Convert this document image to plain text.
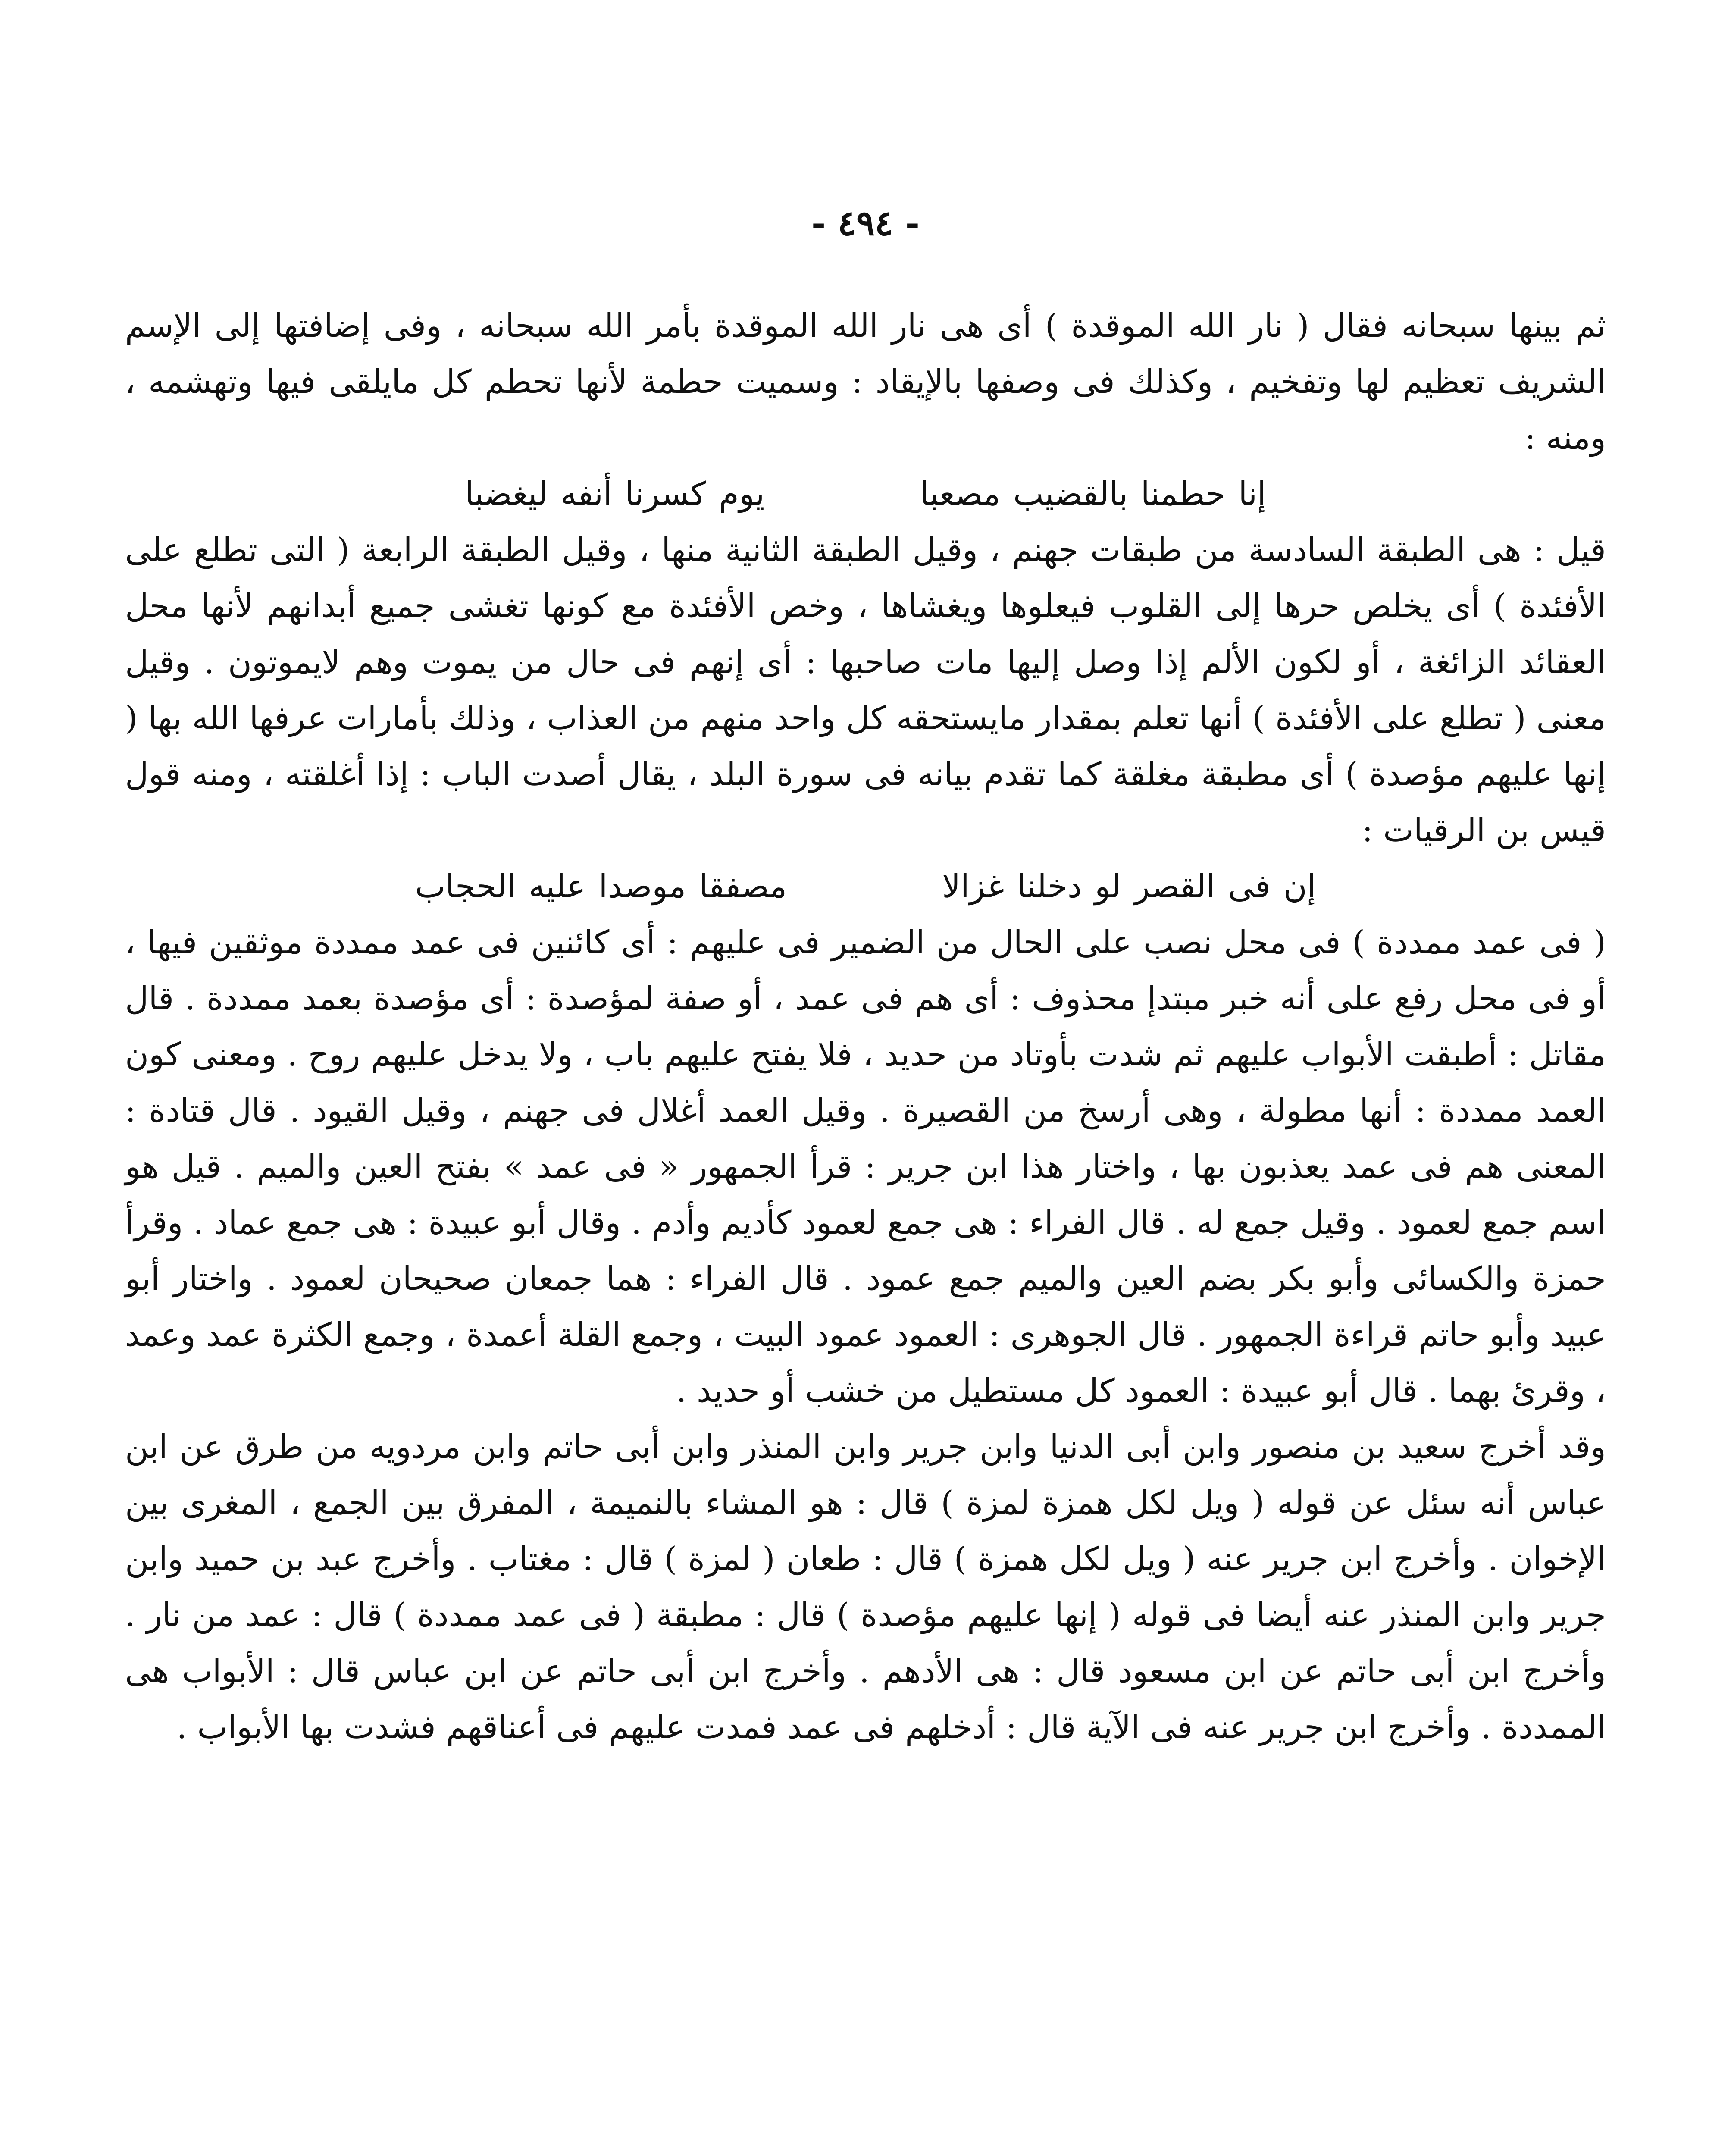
- ٤٩٤ -

ثم بينها سبحانه فقال ( نار الله الموقدة ) أى هى نار الله الموقدة بأمر الله سبحانه ، وفى إضافتها إلى الإسم الشريف تعظيم لها وتفخيم ، وكذلك فى وصفها بالإيقاد : وسميت حطمة لأنها تحطم كل مايلقى فيها وتهشمه ، ومنه :

إنا حطمنا بالقضيب مصعبايوم كسرنا أنفه ليغضبا

قيل : هى الطبقة السادسة من طبقات جهنم ، وقيل الطبقة الثانية منها ، وقيل الطبقة الرابعة ( التى تطلع على الأفئدة ) أى يخلص حرها إلى القلوب فيعلوها ويغشاها ، وخص الأفئدة مع كونها تغشى جميع أبدانهم لأنها محل العقائد الزائغة ، أو لكون الألم إذا وصل إليها مات صاحبها : أى إنهم فى حال من يموت وهم لايموتون . وقيل معنى ( تطلع على الأفئدة ) أنها تعلم بمقدار مايستحقه كل واحد منهم من العذاب ، وذلك بأمارات عرفها الله بها ( إنها عليهم مؤصدة ) أى مطبقة مغلقة كما تقدم بيانه فى سورة البلد ، يقال أصدت الباب : إذا أغلقته ، ومنه قول قيس بن الرقيات :

إن فى القصر لو دخلنا غزالامصفقا موصدا عليه الحجاب

( فى عمد ممددة ) فى محل نصب على الحال من الضمير فى عليهم : أى كائنين فى عمد ممددة موثقين فيها ، أو فى محل رفع على أنه خبر مبتدإ محذوف : أى هم فى عمد ، أو صفة لمؤصدة : أى مؤصدة بعمد ممددة . قال مقاتل : أطبقت الأبواب عليهم ثم شدت بأوتاد من حديد ، فلا يفتح عليهم باب ، ولا يدخل عليهم روح . ومعنى كون العمد ممددة : أنها مطولة ، وهى أرسخ من القصيرة . وقيل العمد أغلال فى جهنم ، وقيل القيود . قال قتادة : المعنى هم فى عمد يعذبون بها ، واختار هذا ابن جرير : قرأ الجمهور « فى عمد » بفتح العين والميم . قيل هو اسم جمع لعمود . وقيل جمع له . قال الفراء : هى جمع لعمود كأديم وأدم . وقال أبو عبيدة : هى جمع عماد . وقرأ حمزة والكسائى وأبو بكر بضم العين والميم جمع عمود . قال الفراء : هما جمعان صحيحان لعمود . واختار أبو عبيد وأبو حاتم قراءة الجمهور . قال الجوهرى : العمود عمود البيت ، وجمع القلة أعمدة ، وجمع الكثرة عمد وعمد ، وقرئ بهما . قال أبو عبيدة : العمود كل مستطيل من خشب أو حديد .

وقد أخرج سعيد بن منصور وابن أبى الدنيا وابن جرير وابن المنذر وابن أبى حاتم وابن مردويه من طرق عن ابن عباس أنه سئل عن قوله ( ويل لكل همزة لمزة ) قال : هو المشاء بالنميمة ، المفرق بين الجمع ، المغرى بين الإخوان . وأخرج ابن جرير عنه ( ويل لكل همزة ) قال : طعان ( لمزة ) قال : مغتاب . وأخرج عبد بن حميد وابن جرير وابن المنذر عنه أيضا فى قوله ( إنها عليهم مؤصدة ) قال : مطبقة ( فى عمد ممددة ) قال : عمد من نار . وأخرج ابن أبى حاتم عن ابن مسعود قال : هى الأدهم . وأخرج ابن أبى حاتم عن ابن عباس قال : الأبواب هى الممددة . وأخرج ابن جرير عنه فى الآية قال : أدخلهم فى عمد فمدت عليهم فى أعناقهم فشدت بها الأبواب .
